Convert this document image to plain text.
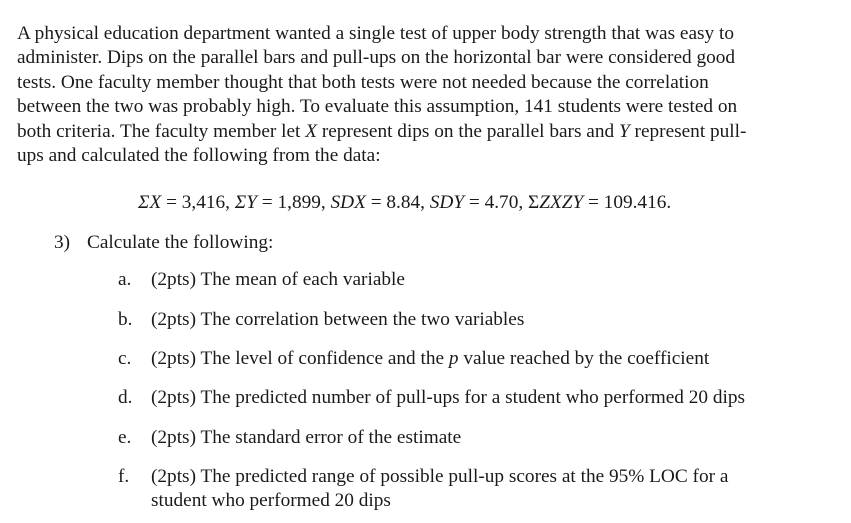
A physical education department wanted a single test of upper body strength that was easy to
administer. Dips on the parallel bars and pull-ups on the horizontal bar were considered good
tests. One faculty member thought that both tests were not needed because the correlation
between the two was probably high. To evaluate this assumption, 141 students were tested on
both criteria. The faculty member let X represent dips on the parallel bars and Y represent pull-
ups and calculated the following from the data:

ΣX = 3,416, ΣY = 1,899, SDX = 8.84, SDY = 4.70, ΣZXZY = 109.416.
3) Calculate the following:
a.	(2pts) The mean of each variable
b. (2pts) The correlation between the two variables
c.	(2pts) The level of confidence and the p value reached by the coefficient
d. (2pts) The predicted number of pull-ups for a student who performed 20 dips
e.	(2pts) The standard error of the estimate
f.	(2pts) The predicted range of possible pull-up scores at the 95% LOC for a
student who performed 20 dips
